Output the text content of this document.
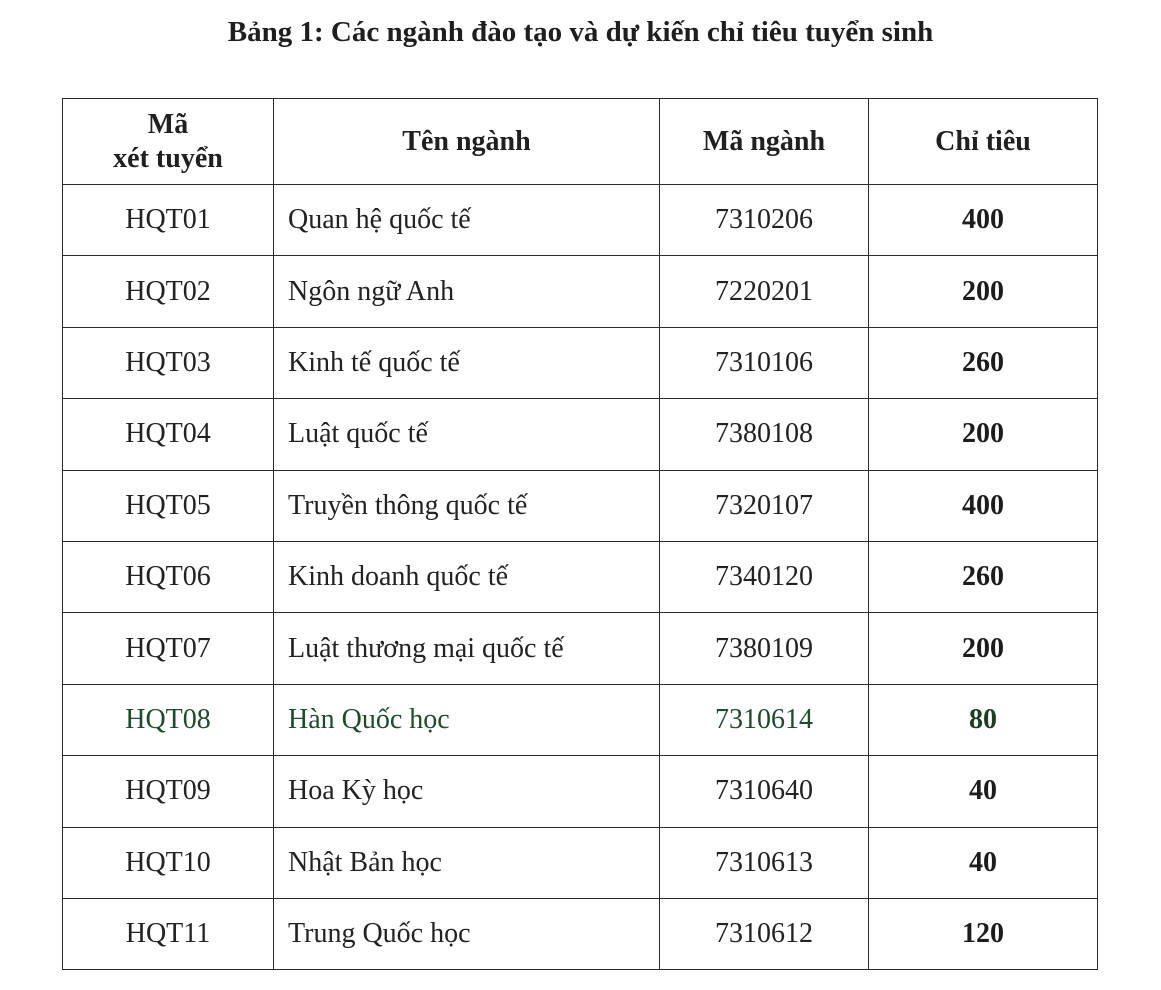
Bảng 1: Các ngành đào tạo và dự kiến chỉ tiêu tuyển sinh
Mã
xét tuyển	Tên ngành	Mã ngành	Chỉ tiêu
HQT01	Quan hệ quốc tế	7310206	400
HQT02	Ngôn ngữ Anh	7220201	200
HQT03	Kinh tế quốc tế	7310106	260
HQT04	Luật quốc tế	7380108	200
HQT05	Truyền thông quốc tế	7320107	400
HQT06	Kinh doanh quốc tế	7340120	260
HQT07	Luật thương mại quốc tế	7380109	200
HQT08	Hàn Quốc học	7310614	80
HQT09	Hoa Kỳ học	7310640	40
HQT10	Nhật Bản học	7310613	40
HQT11	Trung Quốc học	7310612	120
